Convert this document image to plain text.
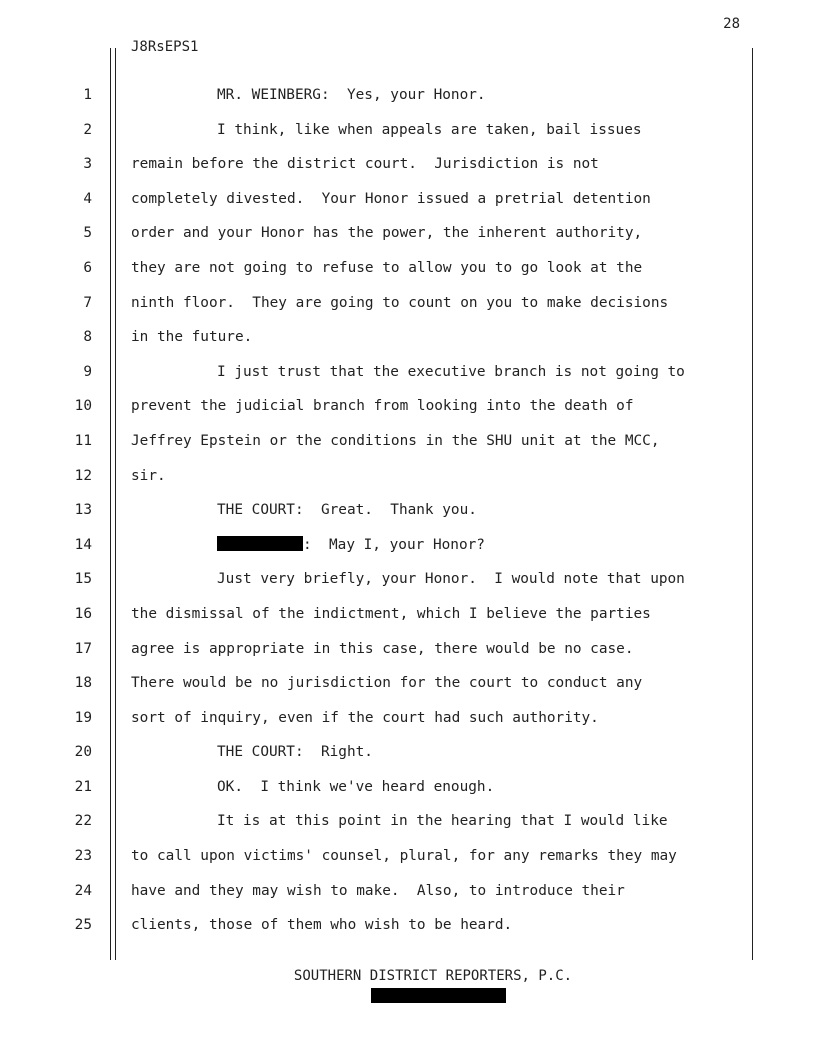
28
J8RsEPS1
1	MR. WEINBERG:  Yes, your Honor.
2	I think, like when appeals are taken, bail issues
3	remain before the district court.  Jurisdiction is not
4	completely divested.  Your Honor issued a pretrial detention
5	order and your Honor has the power, the inherent authority,
6	they are not going to refuse to allow you to go look at the
7	ninth floor.  They are going to count on you to make decisions
8	in the future.
9	I just trust that the executive branch is not going to
10	prevent the judicial branch from looking into the death of
11	Jeffrey Epstein or the conditions in the SHU unit at the MCC,
12	sir.
13	THE COURT:  Great.  Thank you.
14	:  May I, your Honor?
15	Just very briefly, your Honor.  I would note that upon
16	the dismissal of the indictment, which I believe the parties
17	agree is appropriate in this case, there would be no case.
18	There would be no jurisdiction for the court to conduct any
19	sort of inquiry, even if the court had such authority.
20	THE COURT:  Right.
21	OK.  I think we've heard enough.
22	It is at this point in the hearing that I would like
23	to call upon victims' counsel, plural, for any remarks they may
24	have and they may wish to make.  Also, to introduce their
25	clients, those of them who wish to be heard.
SOUTHERN DISTRICT REPORTERS, P.C.
